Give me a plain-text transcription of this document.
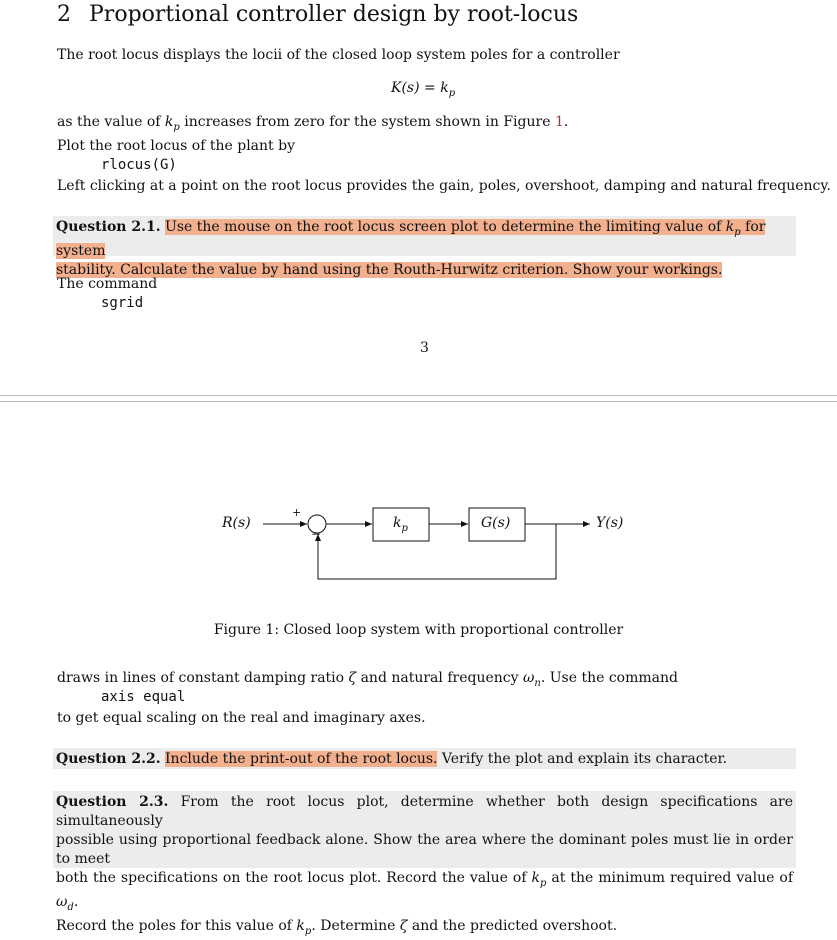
2 Proportional controller design by root-locus
The root locus displays the locii of the closed loop system poles for a controller
$K(s) = k_p$
as the value of $k_p$ increases from zero for the system shown in Figure 1.
Plot the root locus of the plant by
rlocus(G)
Left clicking at a point on the root locus provides the gain, poles, overshoot, damping and natural frequency.
Question 2.1. Use the mouse on the root locus screen plot to determine the limiting value of $k_p$ for system
stability. Calculate the value by hand using the Routh-Hurwitz criterion. Show your workings.
The command
sgrid
3
R(s)
+
−
$k_p$	G(s)	Y(s)
Figure 1: Closed loop system with proportional controller
draws in lines of constant damping ratio ζ and natural frequency $\omega_n$. Use the command
axis equal
to get equal scaling on the real and imaginary axes.
Question 2.2. Include the print-out of the root locus. Verify the plot and explain its character.
Question 2.3. From the root locus plot, determine whether both design specifications are simultaneously
possible using proportional feedback alone. Show the area where the dominant poles must lie in order to meet
both the specifications on the root locus plot. Record the value of $k_p$ at the minimum required value of $\omega_d$.
Record the poles for this value of $k_p$. Determine ζ and the predicted overshoot.
